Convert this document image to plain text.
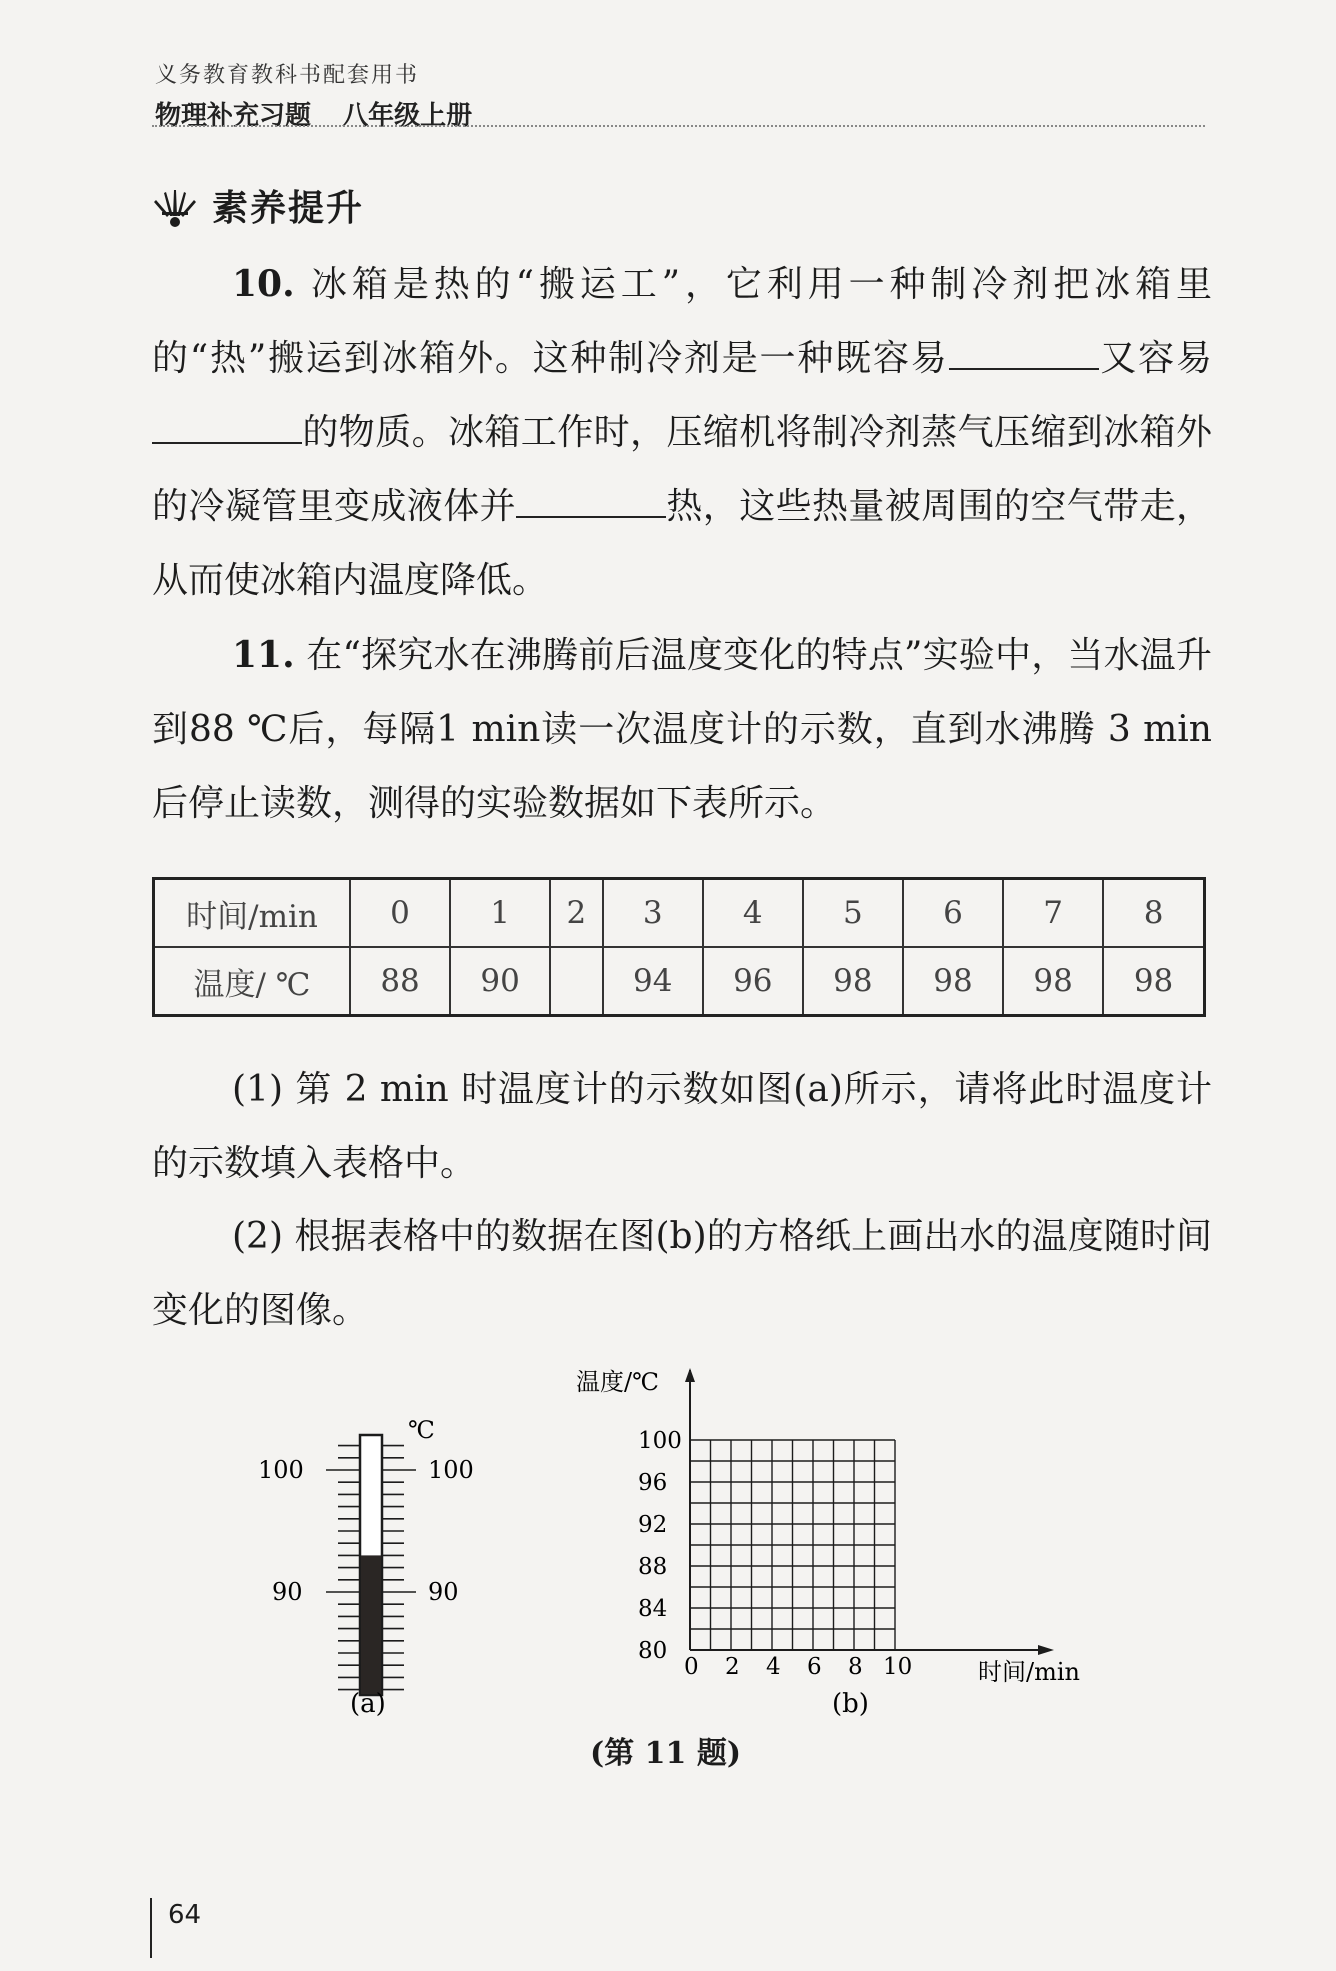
义务教育教科书配套用书
物理补充习题 八年级上册
素养提升
10. 冰箱是热的“搬运工”，它利用一种制冷剂把冰箱里的“热”搬运到冰箱外。这种制冷剂是一种既容易	又容易的物质。冰箱工作时，压缩机将制冷剂蒸气压缩到冰箱外的冷凝管里变成液体并	热，这些热量被周围的空气带走，从而使冰箱内温度降低。
11. 在“探究水在沸腾前后温度变化的特点”实验中，当水温升到88 ℃后，每隔1 min读一次温度计的示数，直到水沸腾 3 min 后停止读数，测得的实验数据如下表所示。
时间/min	0	1	2	3	4	5	6	7	8
温度/ ℃	88	90		94	96	98	98	98	98
(1) 第 2 min 时温度计的示数如图(a)所示，请将此时温度计的示数填入表格中。
(2) 根据表格中的数据在图(b)的方格纸上画出水的温度随时间变化的图像。
℃
100	100
90	90
(a)
温度/℃
100
96
92
88
84
80
0 2 4 6 8 10	时间/min
(b)
(第 11 题)
64
